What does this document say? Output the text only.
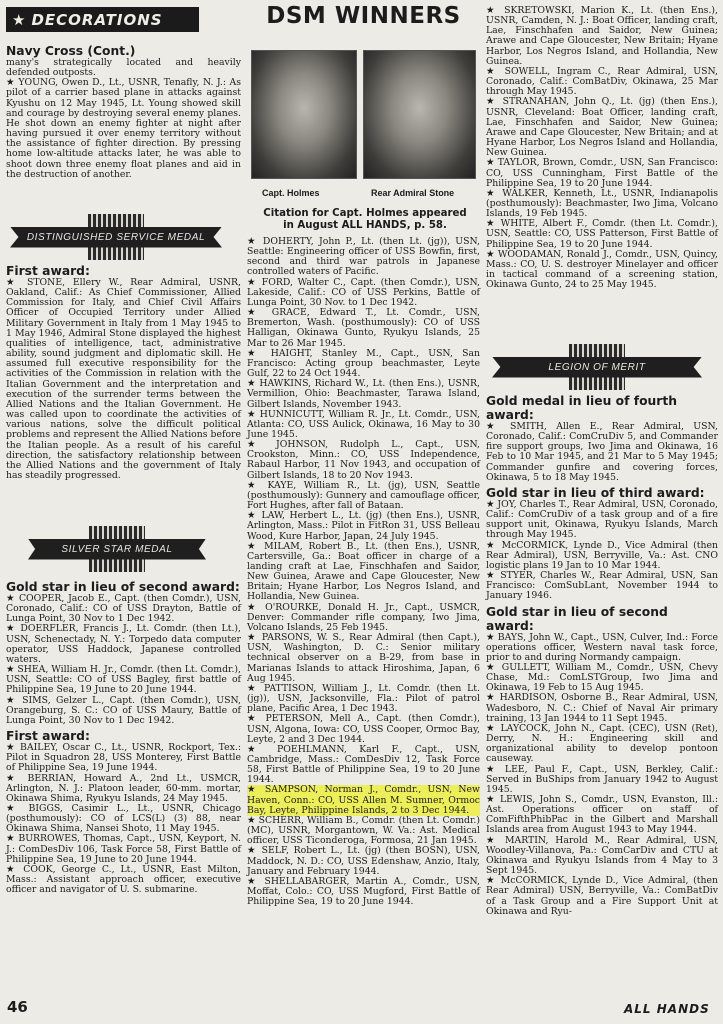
★ DECORATIONS

Navy Cross (Cont.)

many's strategically located and heavily defended outposts.

★ YOUNG, Owen D., Lt., USNR, Tenafly, N. J.: As pilot of a carrier based plane in attacks against Kyushu on 12 May 1945, Lt. Young showed skill and courage by destroying several enemy planes. He shot down an enemy fighter at night after having pursued it over enemy territory without the assistance of fighter direction. By pressing home low-altitude attacks later, he was able to shoot down three enemy float planes and aid in the destruction of another.

DISTINGUISHED SERVICE MEDAL

First award:

★ STONE, Ellery W., Rear Admiral, USNR, Oakland, Calif.: As Chief Commissioner, Allied Commission for Italy, and Chief Civil Affairs Officer of Occupied Territory under Allied Military Government in Italy from 1 May 1945 to 1 May 1946, Admiral Stone displayed the highest qualities of intelligence, tact, administrative ability, sound judgment and diplomatic skill. He assumed full executive responsibility for the activities of the Commission in relation with the Italian Government and the interpretation and execution of the surrender terms between the Allied Nations and the Italian Government. He was called upon to coordinate the activities of various nations, solve the difficult political problems and represent the Allied Nations before the Italian people. As a result of his careful direction, the satisfactory relationship between the Allied Nations and the government of Italy has steadily progressed.

SILVER STAR MEDAL

Gold star in lieu of second award:

★ COOPER, Jacob E., Capt. (then Comdr.), USN, Coronado, Calif.: CO of USS Drayton, Battle of Lunga Point, 30 Nov to 1 Dec 1942.

★ DOERFLER, Francis J., Lt. Comdr. (then Lt.), USN, Schenectady, N. Y.: Torpedo data computer operator, USS Haddock, Japanese controlled waters.

★ SHEA, William H. Jr., Comdr. (then Lt. Comdr.), USN, Seattle: CO of USS Bagley, first battle of Philippine Sea, 19 June to 20 June 1944.

★ SIMS, Gelzer L., Capt. (then Comdr.), USN, Orangeburg, S. C.: CO of USS Maury, Battle of Lunga Point, 30 Nov to 1 Dec 1942.

First award:

★ BAILEY, Oscar C., Lt., USNR, Rockport, Tex.: Pilot in Squadron 28, USS Monterey, First Battle of Philippine Sea, 19 June 1944.

★ BERRIAN, Howard A., 2nd Lt., USMCR, Arlington, N. J.: Platoon leader, 60-mm. mortar, Okinawa Shima, Ryukyu Islands, 24 May 1945.

★ BIGGS, Casimir L., Lt., USNR, Chicago (posthumously): CO of LCS(L) (3) 88, near Okinawa Shima, Nansei Shoto, 11 May 1945.

★ BURROWES, Thomas, Capt., USN, Keyport, N. J.: ComDesDiv 106, Task Force 58, First Battle of Philippine Sea, 19 June to 20 June 1944.

★ COOK, George C., Lt., USNR, East Milton, Mass.: Assistant approach officer, executive officer and navigator of U. S. submarine.

DSM WINNERS
Capt. Holmes	Rear Admiral Stone
Citation for Capt. Holmes appeared in August ALL HANDS, p. 58.

★ DOHERTY, John P., Lt. (then Lt. (jg)), USN, Seattle: Engineering officer of USS Bowfin, first, second and third war patrols in Japanese controlled waters of Pacific.

★ FORD, Walter C., Capt. (then Comdr.), USN, Lakeside, Calif.: CO of USS Perkins, Battle of Lunga Point, 30 Nov. to 1 Dec 1942.

★ GRACE, Edward T., Lt. Comdr., USN, Bremerton, Wash. (posthumously): CO of USS Halligan, Okinawa Gunto, Ryukyu Islands, 25 Mar to 26 Mar 1945.

★ HAIGHT, Stanley M., Capt., USN, San Francisco: Acting group beachmaster, Leyte Gulf, 22 to 24 Oct 1944.

★ HAWKINS, Richard W., Lt. (then Ens.), USNR, Vermillion, Ohio: Beachmaster, Tarawa Island, Gilbert Islands, November 1943.

★ HUNNICUTT, William R. Jr., Lt. Comdr., USN, Atlanta: CO, USS Aulick, Okinawa, 16 May to 30 June 1945.

★ JOHNSON, Rudolph L., Capt., USN, Crookston, Minn.: CO, USS Independence, Rabaul Harbor, 11 Nov 1943, and occupation of Gilbert Islands, 18 to 20 Nov 1943.

★ KAYE, William R., Lt. (jg), USN, Seattle (posthumously): Gunnery and camouflage officer, Fort Hughes, after fall of Bataan.

★ LAW, Herbert L., Lt. (jg) (then Ens.), USNR, Arlington, Mass.: Pilot in FitRon 31, USS Belleau Wood, Kure Harbor, Japan, 24 July 1945.

★ MILAM, Robert B., Lt. (then Ens.), USNR, Cartersville, Ga.: Boat officer in charge of a landing craft at Lae, Finschhafen and Saidor, New Guinea, Arawe and Cape Gloucester, New Britain; Hyane Harbor, Los Negros Island, and Hollandia, New Guinea.

★ O'ROURKE, Donald H. Jr., Capt., USMCR, Denver: Commander rifle company, Iwo Jima, Volcano Islands, 25 Feb 1945.

★ PARSONS, W. S., Rear Admiral (then Capt.), USN, Washington, D. C.: Senior military technical observer on a B-29, from base in Marianas Islands to attack Hiroshima, Japan, 6 Aug 1945.

★ PATTISON, William J., Lt. Comdr. (then Lt. (jg)), USN, Jacksonville, Fla.: Pilot of patrol plane, Pacific Area, 1 Dec 1943.

★ PETERSON, Mell A., Capt. (then Comdr.), USN, Algona, Iowa: CO, USS Cooper, Ormoc Bay, Leyte, 2 and 3 Dec 1944.

★ POEHLMANN, Karl F., Capt., USN, Cambridge, Mass.: ComDesDiv 12, Task Force 58, First Battle of Philippine Sea, 19 to 20 June 1944.

★ SAMPSON, Norman J., Comdr., USN, New Haven, Conn.: CO, USS Allen M. Sumner, Ormoc Bay, Leyte, Philippine Islands, 2 to 3 Dec 1944.

★ SCHERR, William B., Comdr. (then Lt. Comdr.) (MC), USNR, Morgantown, W. Va.: Ast. Medical officer, USS Ticonderoga, Formosa, 21 Jan 1945.

★ SELF, Robert L., Lt. (jg) (then BOSN), USN, Maddock, N. D.: CO, USS Edenshaw, Anzio, Italy, January and February 1944.

★ SHELLABARGER, Martin A., Comdr., USN, Moffat, Colo.: CO, USS Mugford, First Battle of Philippine Sea, 19 to 20 June 1944.

★ SKRETOWSKI, Marion K., Lt. (then Ens.), USNR, Camden, N. J.: Boat Officer, landing craft, Lae, Finschhafen and Saidor, New Guinea; Arawe and Cape Gloucester, New Britain; Hyane Harbor, Los Negros Island, and Hollandia, New Guinea.

★ SOWELL, Ingram C., Rear Admiral, USN, Coronado, Calif.: ComBatDiv, Okinawa, 25 Mar through May 1945.

★ STRANAHAN, John Q., Lt. (jg) (then Ens.), USNR, Cleveland: Boat Officer, landing craft, Lae, Finschhafen and Saidor, New Guinea; Arawe and Cape Gloucester, New Britain; and at Hyane Harbor, Los Negros Island and Hollandia, New Guinea.

★ TAYLOR, Brown, Comdr., USN, San Francisco: CO, USS Cunningham, First Battle of the Philippine Sea, 19 to 20 June 1944.

★ WALKER, Kenneth, Lt., USNR, Indianapolis (posthumously): Beachmaster, Iwo Jima, Volcano Islands, 19 Feb 1945.

★ WHITE, Albert F., Comdr. (then Lt. Comdr.), USN, Seattle: CO, USS Patterson, First Battle of Philippine Sea, 19 to 20 June 1944.

★ WOODAMAN, Ronald J., Comdr., USN, Quincy, Mass.: CO, U. S. destroyer Minelayer and officer in tactical command of a screening station, Okinawa Gunto, 24 to 25 May 1945.

LEGION OF MERIT

Gold medal in lieu of fourth award:

★ SMITH, Allen E., Rear Admiral, USN, Coronado, Calif.: ComCruDiv 5, and Commander fire support groups, Iwo Jima and Okinawa, 16 Feb to 10 Mar 1945, and 21 Mar to 5 May 1945; Commander gunfire and covering forces, Okinawa, 5 to 18 May 1945.

Gold star in lieu of third award:

★ JOY, Charles T., Rear Admiral, USN, Coronado, Calif.: ComCruDiv of a task group and of a fire support unit, Okinawa, Ryukyu Islands, March through May 1945.

★ McCORMICK, Lynde D., Vice Admiral (then Rear Admiral), USN, Berryville, Va.: Ast. CNO logistic plans 19 Jan to 10 Mar 1944.

★ STYER, Charles W., Rear Admiral, USN, San Francisco: ComSubLant, November 1944 to January 1946.

Gold star in lieu of second award:

★ BAYS, John W., Capt., USN, Culver, Ind.: Force operations officer, Western naval task force, prior to and during Normandy campaign.

★ GULLETT, William M., Comdr., USN, Chevy Chase, Md.: ComLSTGroup, Iwo Jima and Okinawa, 19 Feb to 15 Aug 1945.

★ HARDISON, Osborne B., Rear Admiral, USN, Wadesboro, N. C.: Chief of Naval Air primary training, 13 Jan 1944 to 11 Sept 1945.

★ LAYCOCK, John N., Capt. (CEC), USN (Ret), Derry, N. H.: Engineering skill and organizational ability to develop pontoon causeway.

★ LEE, Paul F., Capt., USN, Berkley, Calif.: Served in BuShips from January 1942 to August 1945.

★ LEWIS, John S., Comdr., USN, Evanston, Ill.: Ast. Operations officer on staff of ComFifthPhibPac in the Gilbert and Marshall Islands area from August 1943 to May 1944.

★ MARTIN, Harold M., Rear Admiral, USN, Woodley-Villanova, Pa.: ComCarDiv and CTU at Okinawa and Ryukyu Islands from 4 May to 3 Sept 1945.

★ McCORMICK, Lynde D., Vice Admiral, (then Rear Admiral) USN, Berryville, Va.: ComBatDiv of a Task Group and a Fire Support Unit at Okinawa and Ryu-

46	ALL HANDS
